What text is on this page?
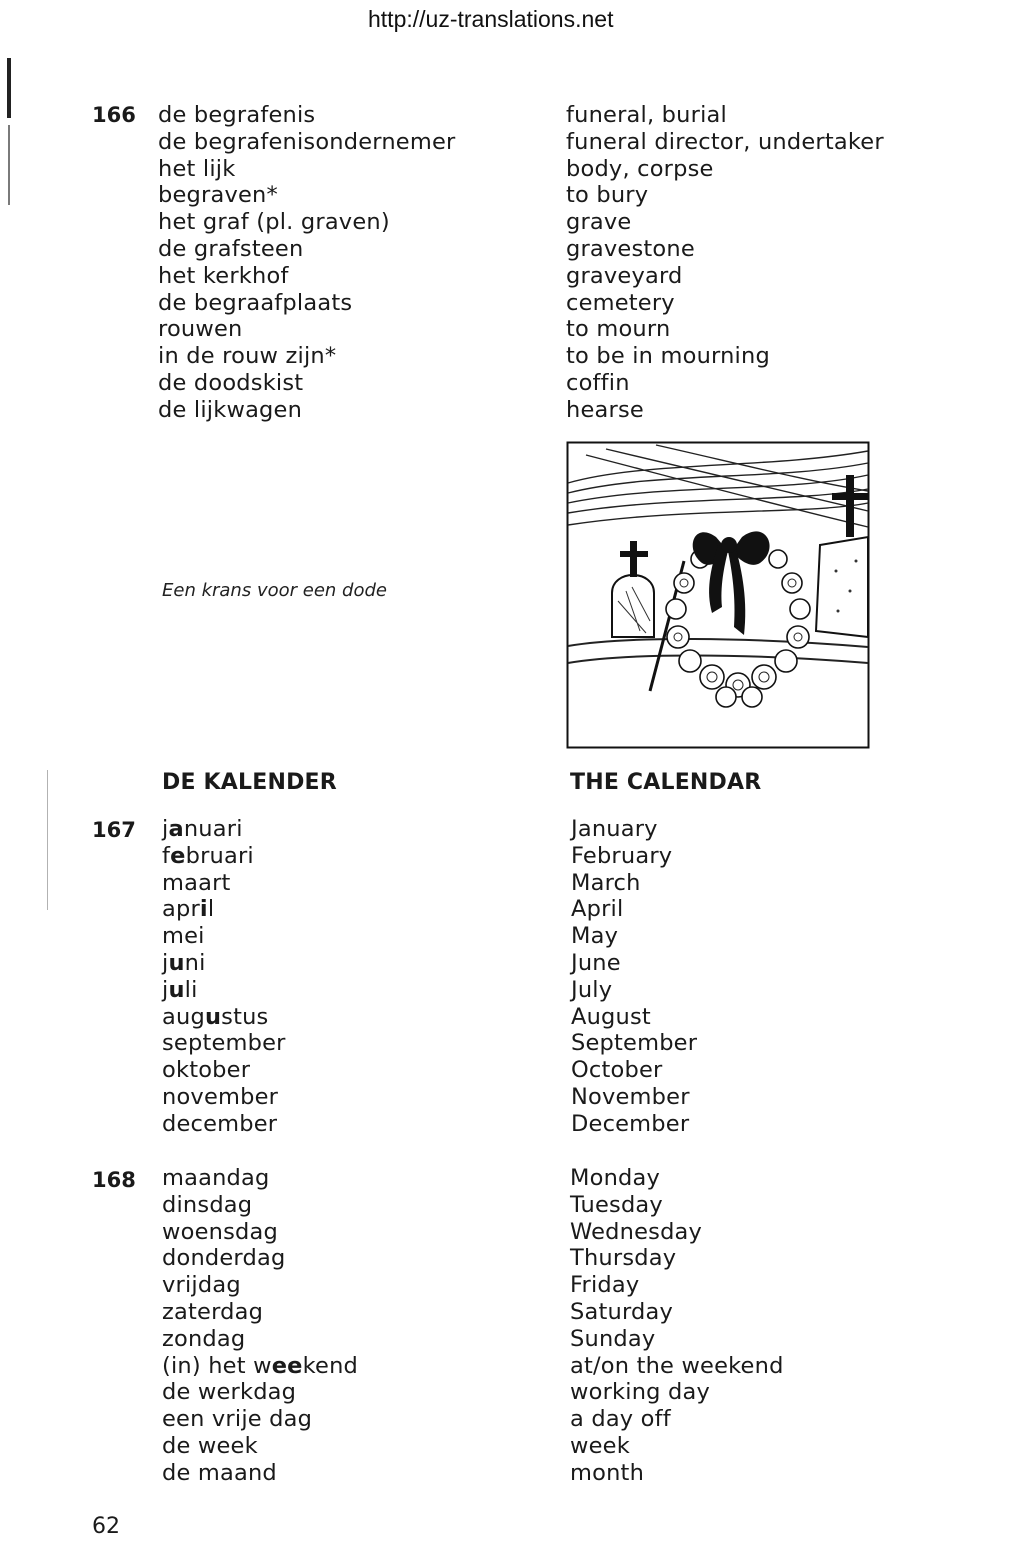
http://uz-translations.net
166 de begrafenis
de begrafenisondernemer
het lijk
begraven*
het graf (pl. graven)
de grafsteen
het kerkhof
de begraafplaats
rouwen
in de rouw zijn*
de doodskist
de lijkwagen
funeral, burial
funeral director, undertaker
body, corpse
to bury
grave
gravestone
graveyard
cemetery
to mourn
to be in mourning
coffin
hearse
Een krans voor een dode
DE KALENDER	THE CALENDAR
167 januari
februari
maart
april
mei
juni
juli
augustus
september
oktober
november
december
January
February
March
April
May
June
July
August
September
October
November
December
168 maandag
dinsdag
woensdag
donderdag
vrijdag
zaterdag
zondag
(in) het weekend
de werkdag
een vrije dag
de week
de maand
Monday
Tuesday
Wednesday
Thursday
Friday
Saturday
Sunday
at/on the weekend
working day
a day off
week
month
62
